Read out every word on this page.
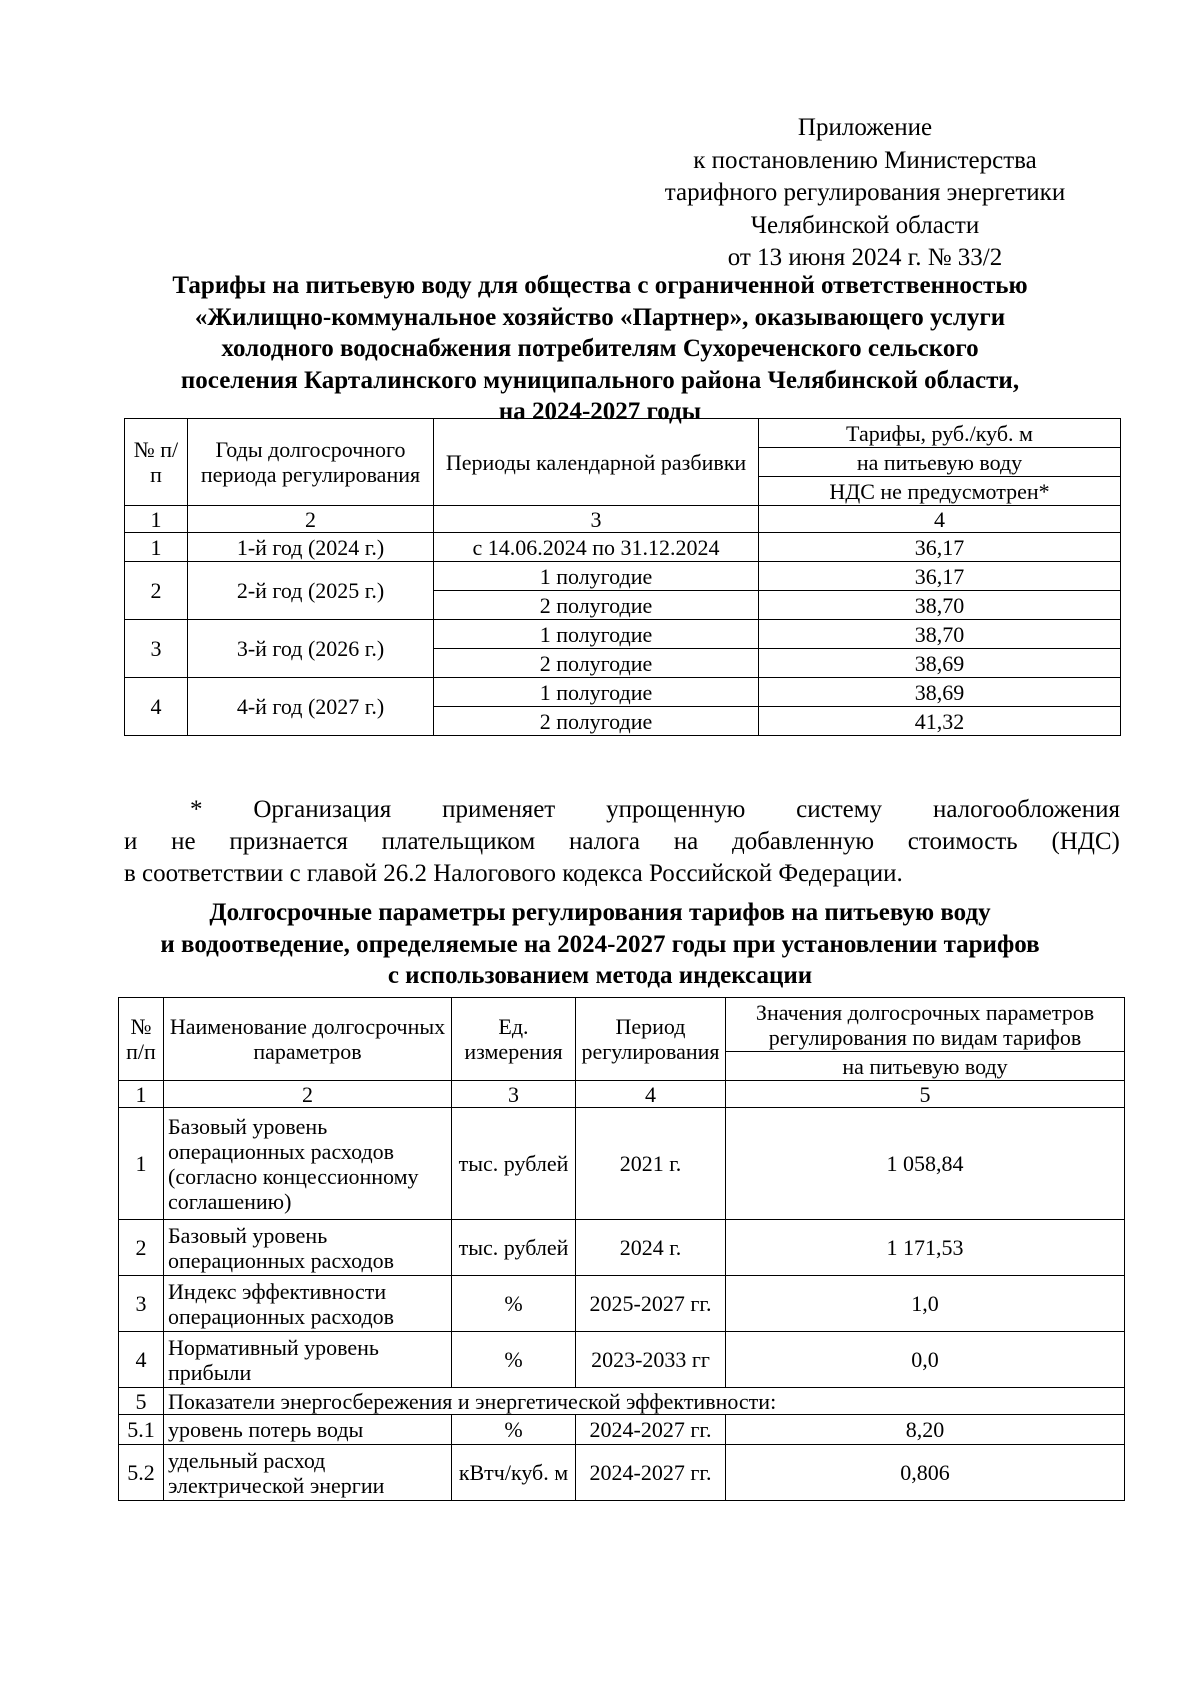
Приложение
к постановлению Министерства
тарифного регулирования энергетики
Челябинской области
от 13 июня 2024 г. № 33/2
Тарифы на питьевую воду для общества с ограниченной ответственностью
«Жилищно-коммунальное хозяйство «Партнер», оказывающего услуги
холодного водоснабжения потребителям Сухореченского сельского
поселения Карталинского муниципального района Челябинской области,
на 2024-2027 годы
№ п/п	Годы долгосрочного периода регулирования	Периоды календарной разбивки	Тарифы, руб./куб. м
			на питьевую воду
			НДС не предусмотрен*
1	2	3	4
1	1-й год (2024 г.)	с 14.06.2024 по 31.12.2024	36,17
2	2-й год (2025 г.)	1 полугодие	36,17
		2 полугодие	38,70
3	3-й год (2026 г.)	1 полугодие	38,70
		2 полугодие	38,69
4	4-й год (2027 г.)	1 полугодие	38,69
		2 полугодие	41,32
* Организация применяет упрощенную систему налогообложения
и не признается плательщиком налога на добавленную стоимость (НДС)
в соответствии с главой 26.2 Налогового кодекса Российской Федерации.
Долгосрочные параметры регулирования тарифов на питьевую воду
и водоотведение, определяемые на 2024-2027 годы при установлении тарифов
с использованием метода индексации
№ п/п	Наименование долгосрочных параметров	Ед. измерения	Период регулирования	Значения долгосрочных параметров регулирования по видам тарифов
				на питьевую воду
1	2	3	4	5
1	Базовый уровень операционных расходов (согласно концессионному соглашению)	тыс. рублей	2021 г.	1 058,84
2	Базовый уровень операционных расходов	тыс. рублей	2024 г.	1 171,53
3	Индекс эффективности операционных расходов	%	2025-2027 гг.	1,0
4	Нормативный уровень прибыли	%	2023-2033 гг	0,0
5	Показатели энергосбережения и энергетической эффективности:			
5.1	уровень потерь воды	%	2024-2027 гг.	8,20
5.2	удельный расход электрической энергии	кВтч/куб. м	2024-2027 гг.	0,806
